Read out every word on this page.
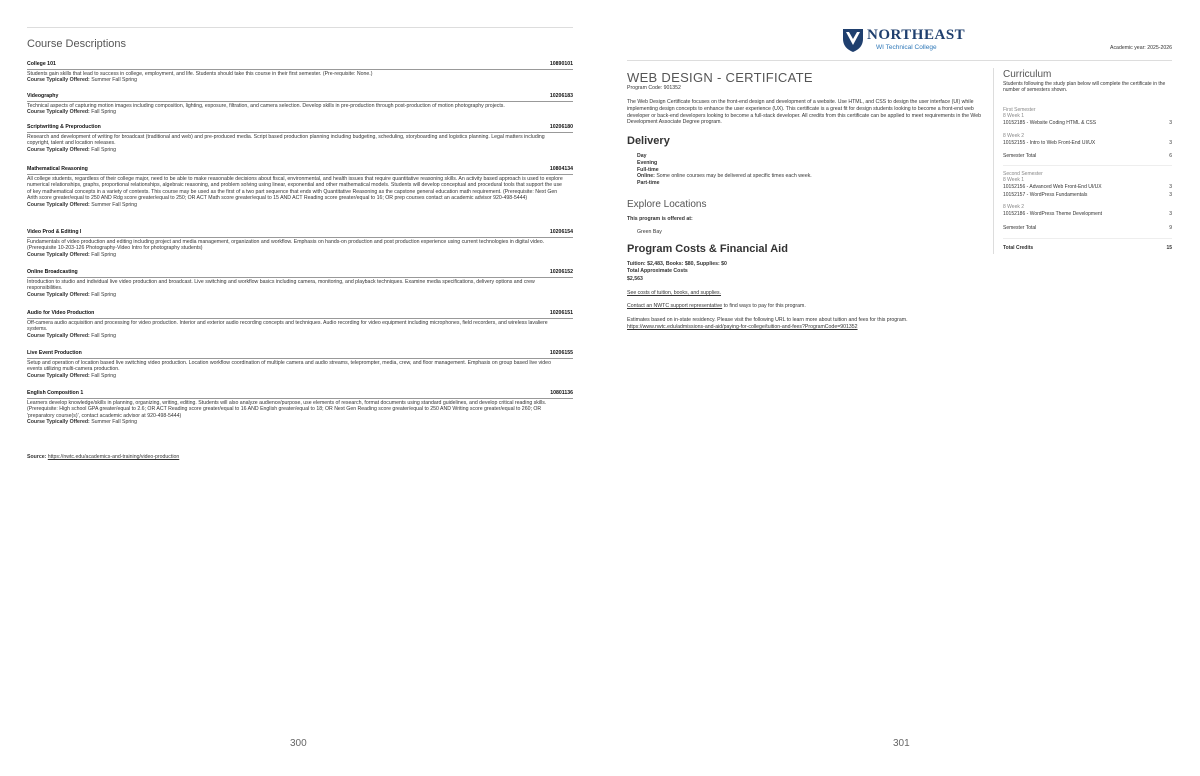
Course Descriptions
College 101	10890101
Students gain skills that lead to success in college, employment, and life. Students should take this course in their first semester. (Pre-requisite: None.)
Course Typically Offered: Summer Fall Spring
Videography	10206183
Technical aspects of capturing motion images including composition, lighting, exposure, filtration, and camera selection. Develop skills in pre-production through post-production of motion photography projects.
Course Typically Offered: Fall Spring
Scriptwriting & Preproduction	10206180
Research and development of writing for broadcast (traditional and web) and pre-produced media. Script based production planning including budgeting, scheduling, storyboarding and logistics planning. Legal matters including copyright, talent and location releases.
Course Typically Offered: Fall Spring
Mathematical Reasoning	10804134
All college students, regardless of their college major, need to be able to make reasonable decisions about fiscal, environmental, and health issues that require quantitative reasoning skills. An activity based approach is used to explore numerical relationships, graphs, proportional relationships, algebraic reasoning, and problem solving using linear, exponential and other mathematical models. Students will develop conceptual and procedural tools that support the use of key mathematical concepts in a variety of contexts. This course may be used as the first of a two part sequence that ends with Quantitative Reasoning as the capstone general education math requirement. (Prerequisite: Next Gen Arith score greater/equal to 250 AND Rdg score greater/equal to 250; OR ACT Math score greater/equal to 15 AND ACT Reading score greater/equal to 16; OR prep courses contact an academic advisor 920-498-5444)
Course Typically Offered: Summer Fall Spring
Video Prod & Editing I	10206154
Fundamentals of video production and editing including project and media management, organization and workflow. Emphasis on hands-on production and post production experience using current technologies in digital video. (Prerequisite 10-203-126 Photography-Video Intro for photography students)
Course Typically Offered: Fall Spring
Online Broadcasting	10206152
Introduction to studio and individual live video production and broadcast. Live switching and workflow basics including camera, monitoring, and playback techniques. Examine media specifications, delivery options and crew responsibilities.
Course Typically Offered: Fall Spring
Audio for Video Production	10206151
Off-camera audio acquisition and processing for video production. Interior and exterior audio recording concepts and techniques. Audio recording for video equipment including microphones, field recorders, and wireless lavaliere systems.
Course Typically Offered: Fall Spring
Live Event Production	10206155
Setup and operation of location based live switching video production. Location workflow coordination of multiple camera and audio streams, teleprompter, media, crew, and floor management. Emphasis on group based live video events utilizing multi-camera production.
Course Typically Offered: Fall Spring
English Composition 1	10801136
Learners develop knowledge/skills in planning, organizing, writing, editing. Students will also analyze audience/purpose, use elements of research, format documents using standard guidelines, and develop critical reading skills. (Prerequisite: High school GPA greater/equal to 2.6; OR ACT Reading score greater/equal to 16 AND English greater/equal to 18; OR Next Gen Reading score greater/equal to 250 AND Writing score greater/equal to 260; OR 'preparatory course(s)', contact academic advisor at 920-498-5444)
Course Typically Offered: Summer Fall Spring
Source: https://nwtc.edu/academics-and-training/video-production
300
NORTHEAST
WI Technical College	Academic year: 2025-2026
WEB DESIGN - CERTIFICATE
Program Code: 901352
The Web Design Certificate focuses on the front-end design and development of a website. Use HTML, and CSS to design the user interface (UI) while implementing design concepts to enhance the user experience (UX). This certificate is a great fit for design students looking to become a front-end web developer or back-end developers looking to become a full-stack developer. All credits from this certificate can be applied to meet requirements in the Web Development Associate Degree program.
Delivery
Day
Evening
Full-time
Online: Some online courses may be delivered at specific times each week.
Part-time
Explore Locations
This program is offered at:
Green Bay
Program Costs & Financial Aid
Tuition: $2,483, Books: $80, Supplies: $0
Total Approximate Costs
$2,563
See costs of tuition, books, and supplies.
Contact an NWTC support representative to find ways to pay for this program.
Estimates based on in-state residency. Please visit the following URL to learn more about tuition and fees for this program.
https://www.nwtc.edu/admissions-and-aid/paying-for-college/tuition-and-fees?ProgramCode=901352
Curriculum
Students following the study plan below will complete the certificate in the number of semesters shown.
First Semester
8 Week 1
10152185 - Website Coding HTML & CSS	3
8 Week 2
10152155 - Intro to Web Front-End UI/UX	3
Semester Total	6
Second Semester
8 Week 1
10152156 - Advanced Web Front-End UI/UX	3
10152157 - WordPress Fundamentals	3
8 Week 2
10152186 - WordPress Theme Development	3
Semester Total	9
Total Credits	15
301
